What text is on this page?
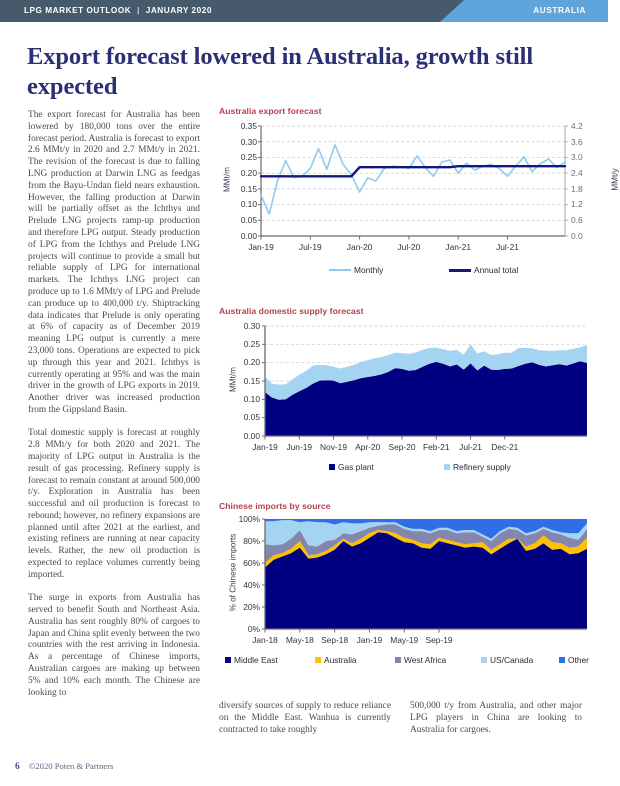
LPG MARKET OUTLOOK | JANUARY 2020	AUSTRALIA
Export forecast lowered in Australia, growth still expected

The export forecast for Australia has been lowered by 180,000 tons over the entire forecast period. Australia is forecast to export 2.6 MMt/y in 2020 and 2.7 MMt/y in 2021. The revision of the forecast is due to falling LNG production at Darwin LNG as feedgas from the Bayu-Undan field nears exhaustion. However, the falling production at Darwin will be partially offset as the Ichthys and Prelude LNG projects ramp-up production and therefore LPG output. Steady production of LPG from the Ichthys and Prelude LNG projects will continue to provide a small but reliable supply of LPG for international markets. The Ichthys LNG project can produce up to 1.6 MMt/y of LPG and Prelude can produce up to 400,000 t/y. Shiptracking data indicates that Prelude is only operating at 6% of capacity as of December 2019 meaning LPG output is currently a mere 23,000 tons. Operations are expected to pick up through this year and 2021. Ichthys is currently operating at 95% and was the main driver in the growth of LPG exports in 2019. Another driver was increased production from the Gippsland Basin.

Total domestic supply is forecast at roughly 2.8 MMt/y for both 2020 and 2021. The majority of LPG output in Australia is the result of gas processing. Refinery supply is forecast to remain constant at around 500,000 t/y. Exploration in Australia has been successful and oil production is forecast to rebound; however, no refinery expansions are planned until after 2021 at the earliest, and existing refiners are running at near capacity levels. Rather, the new oil production is expected to replace volumes currently being imported.

The surge in exports from Australia has served to benefit South and Northeast Asia. Australia has sent roughly 80% of cargoes to Japan and China split evenly between the two countries with the rest arriving in Indonesia. As a percentage of Chinese imports, Australian cargoes are making up between 5% and 10% each month. The Chinese are looking to

diversify sources of supply to reduce reliance on the Middle East. Wanhua is currently contracted to take roughly

500,000 t/y from Australia, and other major LPG players in China are looking to Australia for cargoes.

Australia export forecast
0.00
0.05
0.10
0.15
0.20
0.25
0.30
0.35
0.0
0.6
1.2
1.8
2.4
3.0
3.6
4.2
Jan-19	Jul-19	Jan-20	Jul-20	Jan-21	Jul-21
MMt/m	MMt/y
Monthly	Annual total
Australia domestic supply forecast
0.00
0.05
0.10
0.15
0.20
0.25
0.30
Jan-19	Jun-19 Nov-19 Apr-20 Sep-20 Feb-21	Jul-21	Dec-21
MMt/m
Gas plant	Refinery supply
Chinese imports by source
0%
20%
40%
60%
80%
100%
Jan-18 May-18 Sep-18	Jan-19 May-19 Sep-19
% of Chinese imports
Middle East	Australia	West Africa	US/Canada	Other
6 ©2020 Poten & Partners
